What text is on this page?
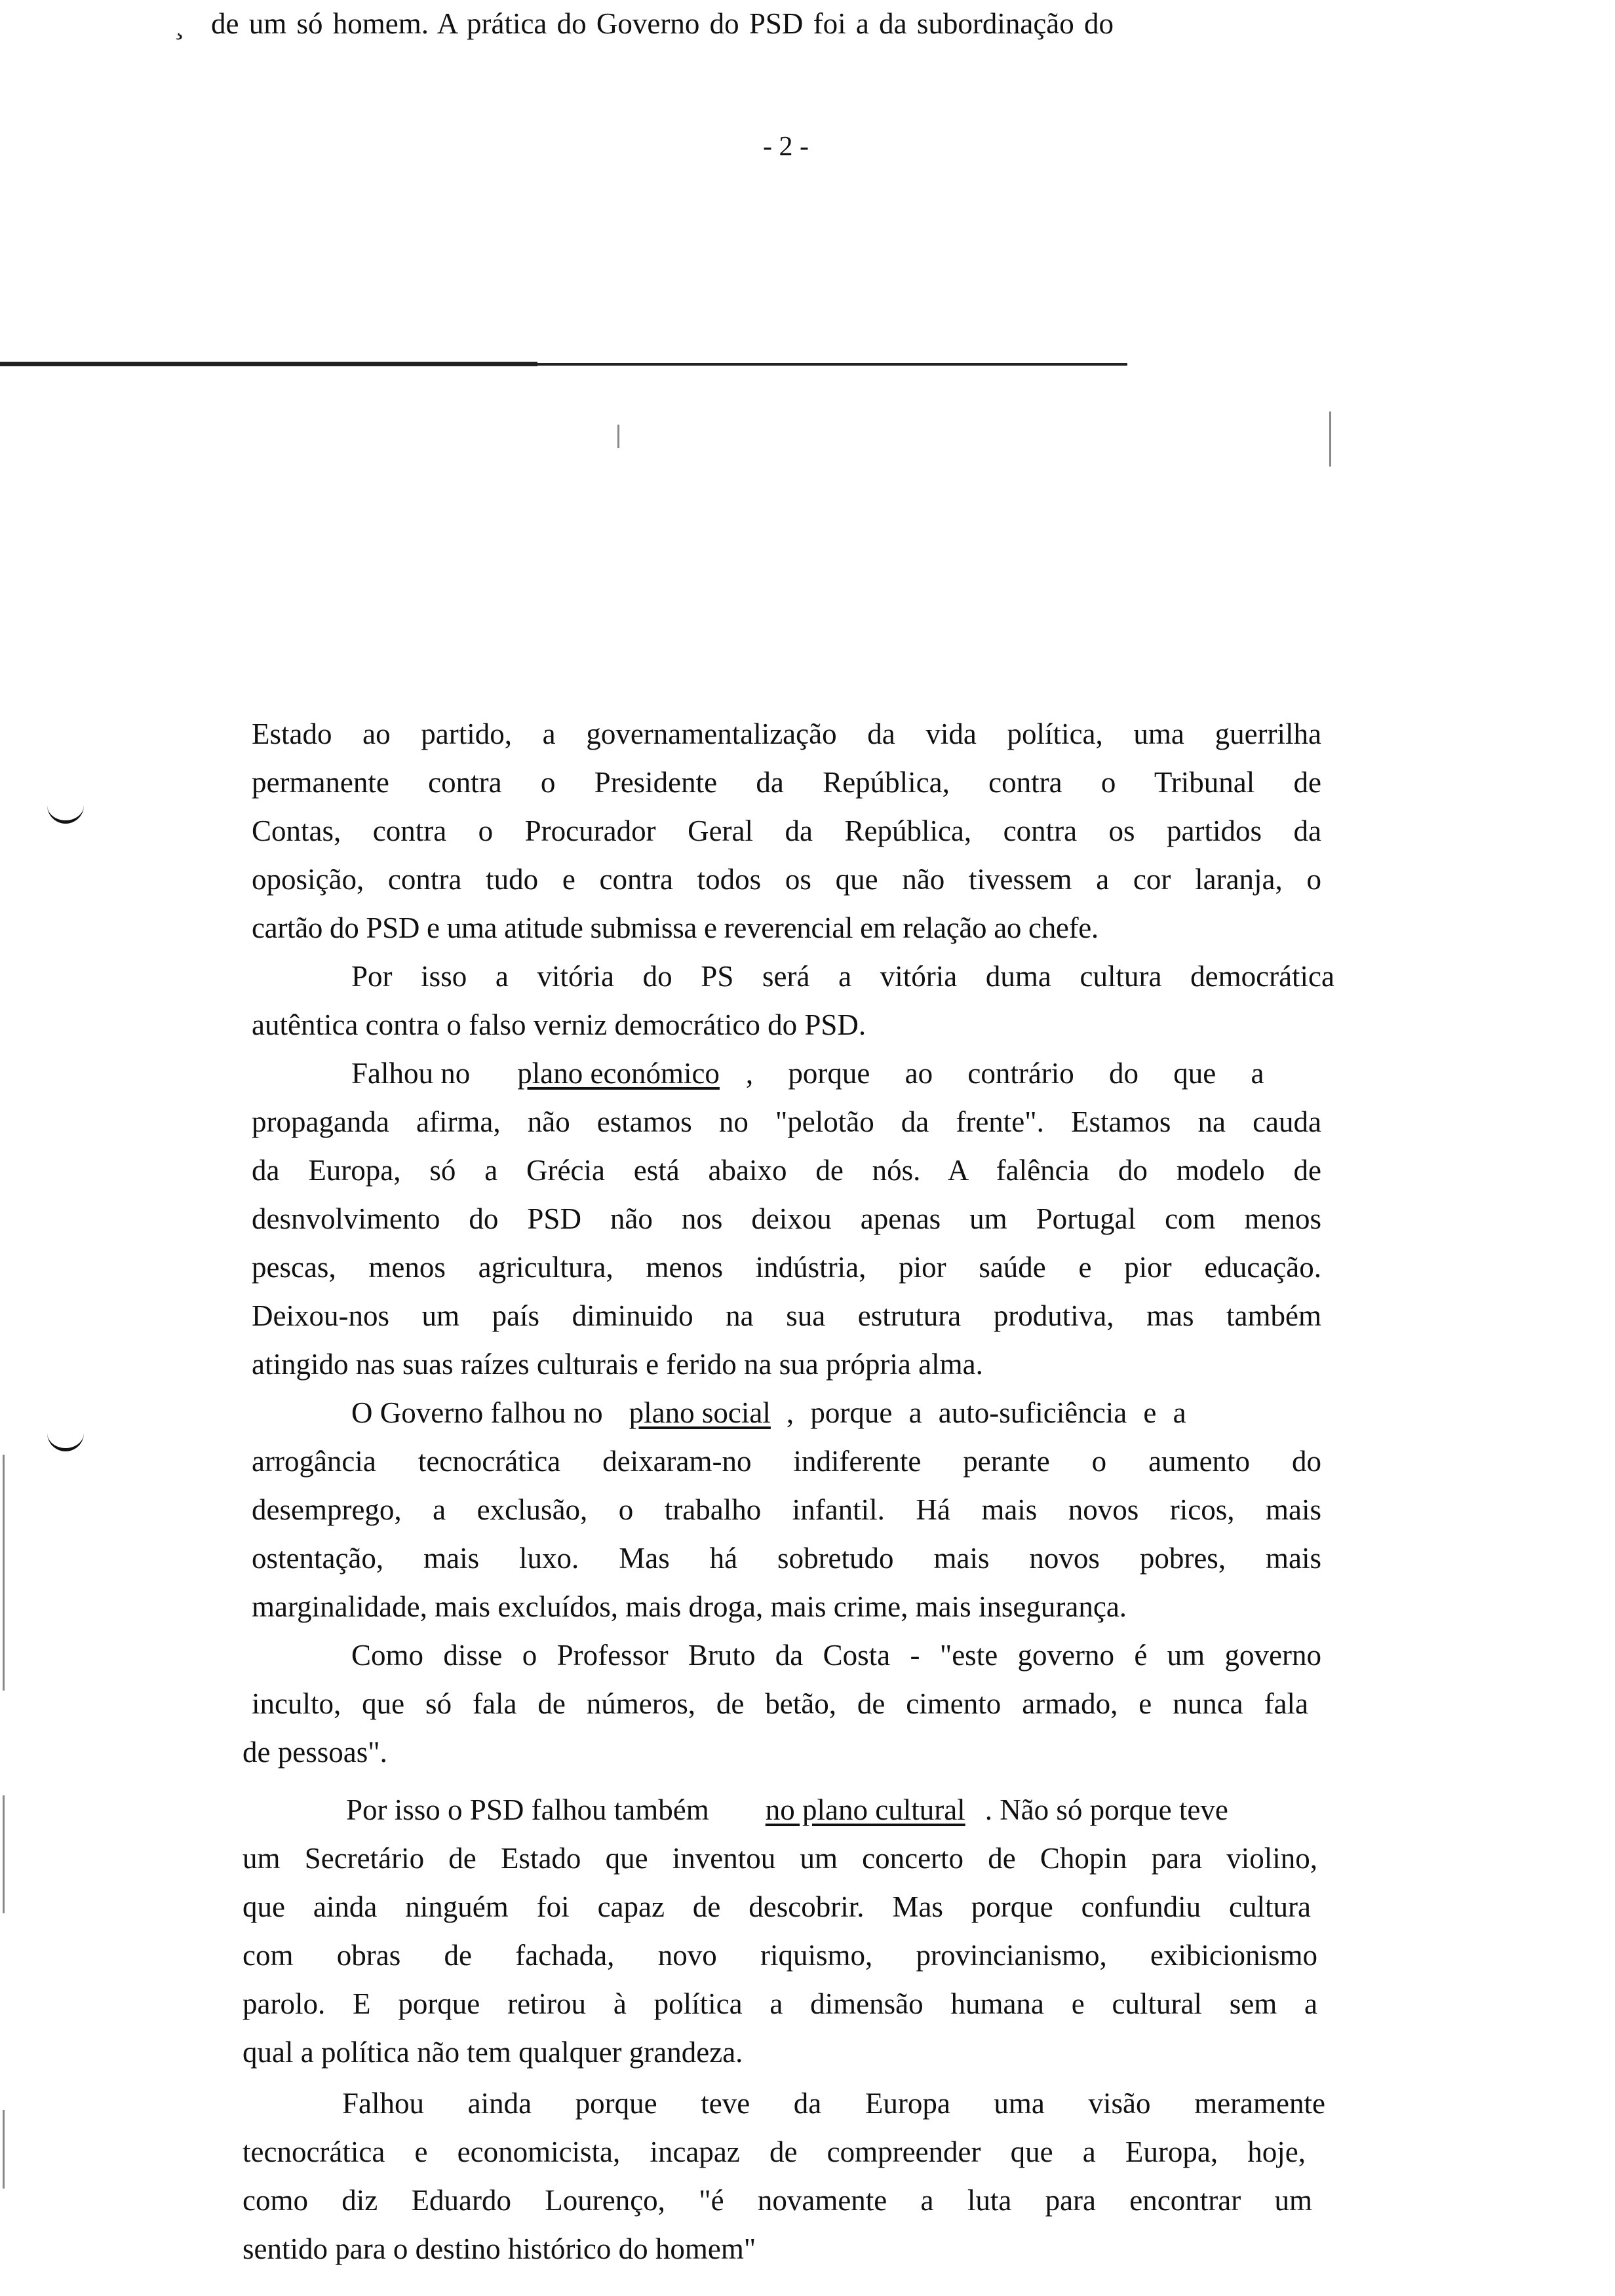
¸ de um só homem. A prática do Governo do PSD foi a da subordinação do
- 2 -
Estado ao partido, a governamentalização da vida política, uma guerrilha
permanente contra o Presidente da República, contra o Tribunal de
Contas, contra o Procurador Geral da República, contra os partidos da
oposição, contra tudo e contra todos os que não tivessem a cor laranja, o
cartão do PSD e uma atitude submissa e reverencial em relação ao chefe.
Por isso a vitória do PS será a vitória duma cultura democrática
autêntica contra o falso verniz democrático do PSD.
Falhou no plano económico , porque ao contrário do que a
propaganda afirma, não estamos no "pelotão da frente". Estamos na cauda
da Europa, só a Grécia está abaixo de nós. A falência do modelo de
desnvolvimento do PSD não nos deixou apenas um Portugal com menos
pescas, menos agricultura, menos indústria, pior saúde e pior educação.
Deixou-nos um país diminuido na sua estrutura produtiva, mas também
atingido nas suas raízes culturais e ferido na sua própria alma.
O Governo falhou no plano social , porque a auto-suficiência e a
arrogância tecnocrática deixaram-no indiferente perante o aumento do
desemprego, a exclusão, o trabalho infantil. Há mais novos ricos, mais
ostentação, mais luxo. Mas há sobretudo mais novos pobres, mais
marginalidade, mais excluídos, mais droga, mais crime, mais insegurança.
Como disse o Professor Bruto da Costa - "este governo é um governo
inculto, que só fala de números, de betão, de cimento armado, e nunca fala
de pessoas".
Por isso o PSD falhou também no plano cultural . Não só porque teve
um Secretário de Estado que inventou um concerto de Chopin para violino,
que ainda ninguém foi capaz de descobrir. Mas porque confundiu cultura
com obras de fachada, novo riquismo, provincianismo, exibicionismo
parolo. E porque retirou à política a dimensão humana e cultural sem a
qual a política não tem qualquer grandeza.
Falhou ainda porque teve da Europa uma visão meramente
tecnocrática e economicista, incapaz de compreender que a Europa, hoje,
como diz Eduardo Lourenço, "é novamente a luta para encontrar um
sentido para o destino histórico do homem"
